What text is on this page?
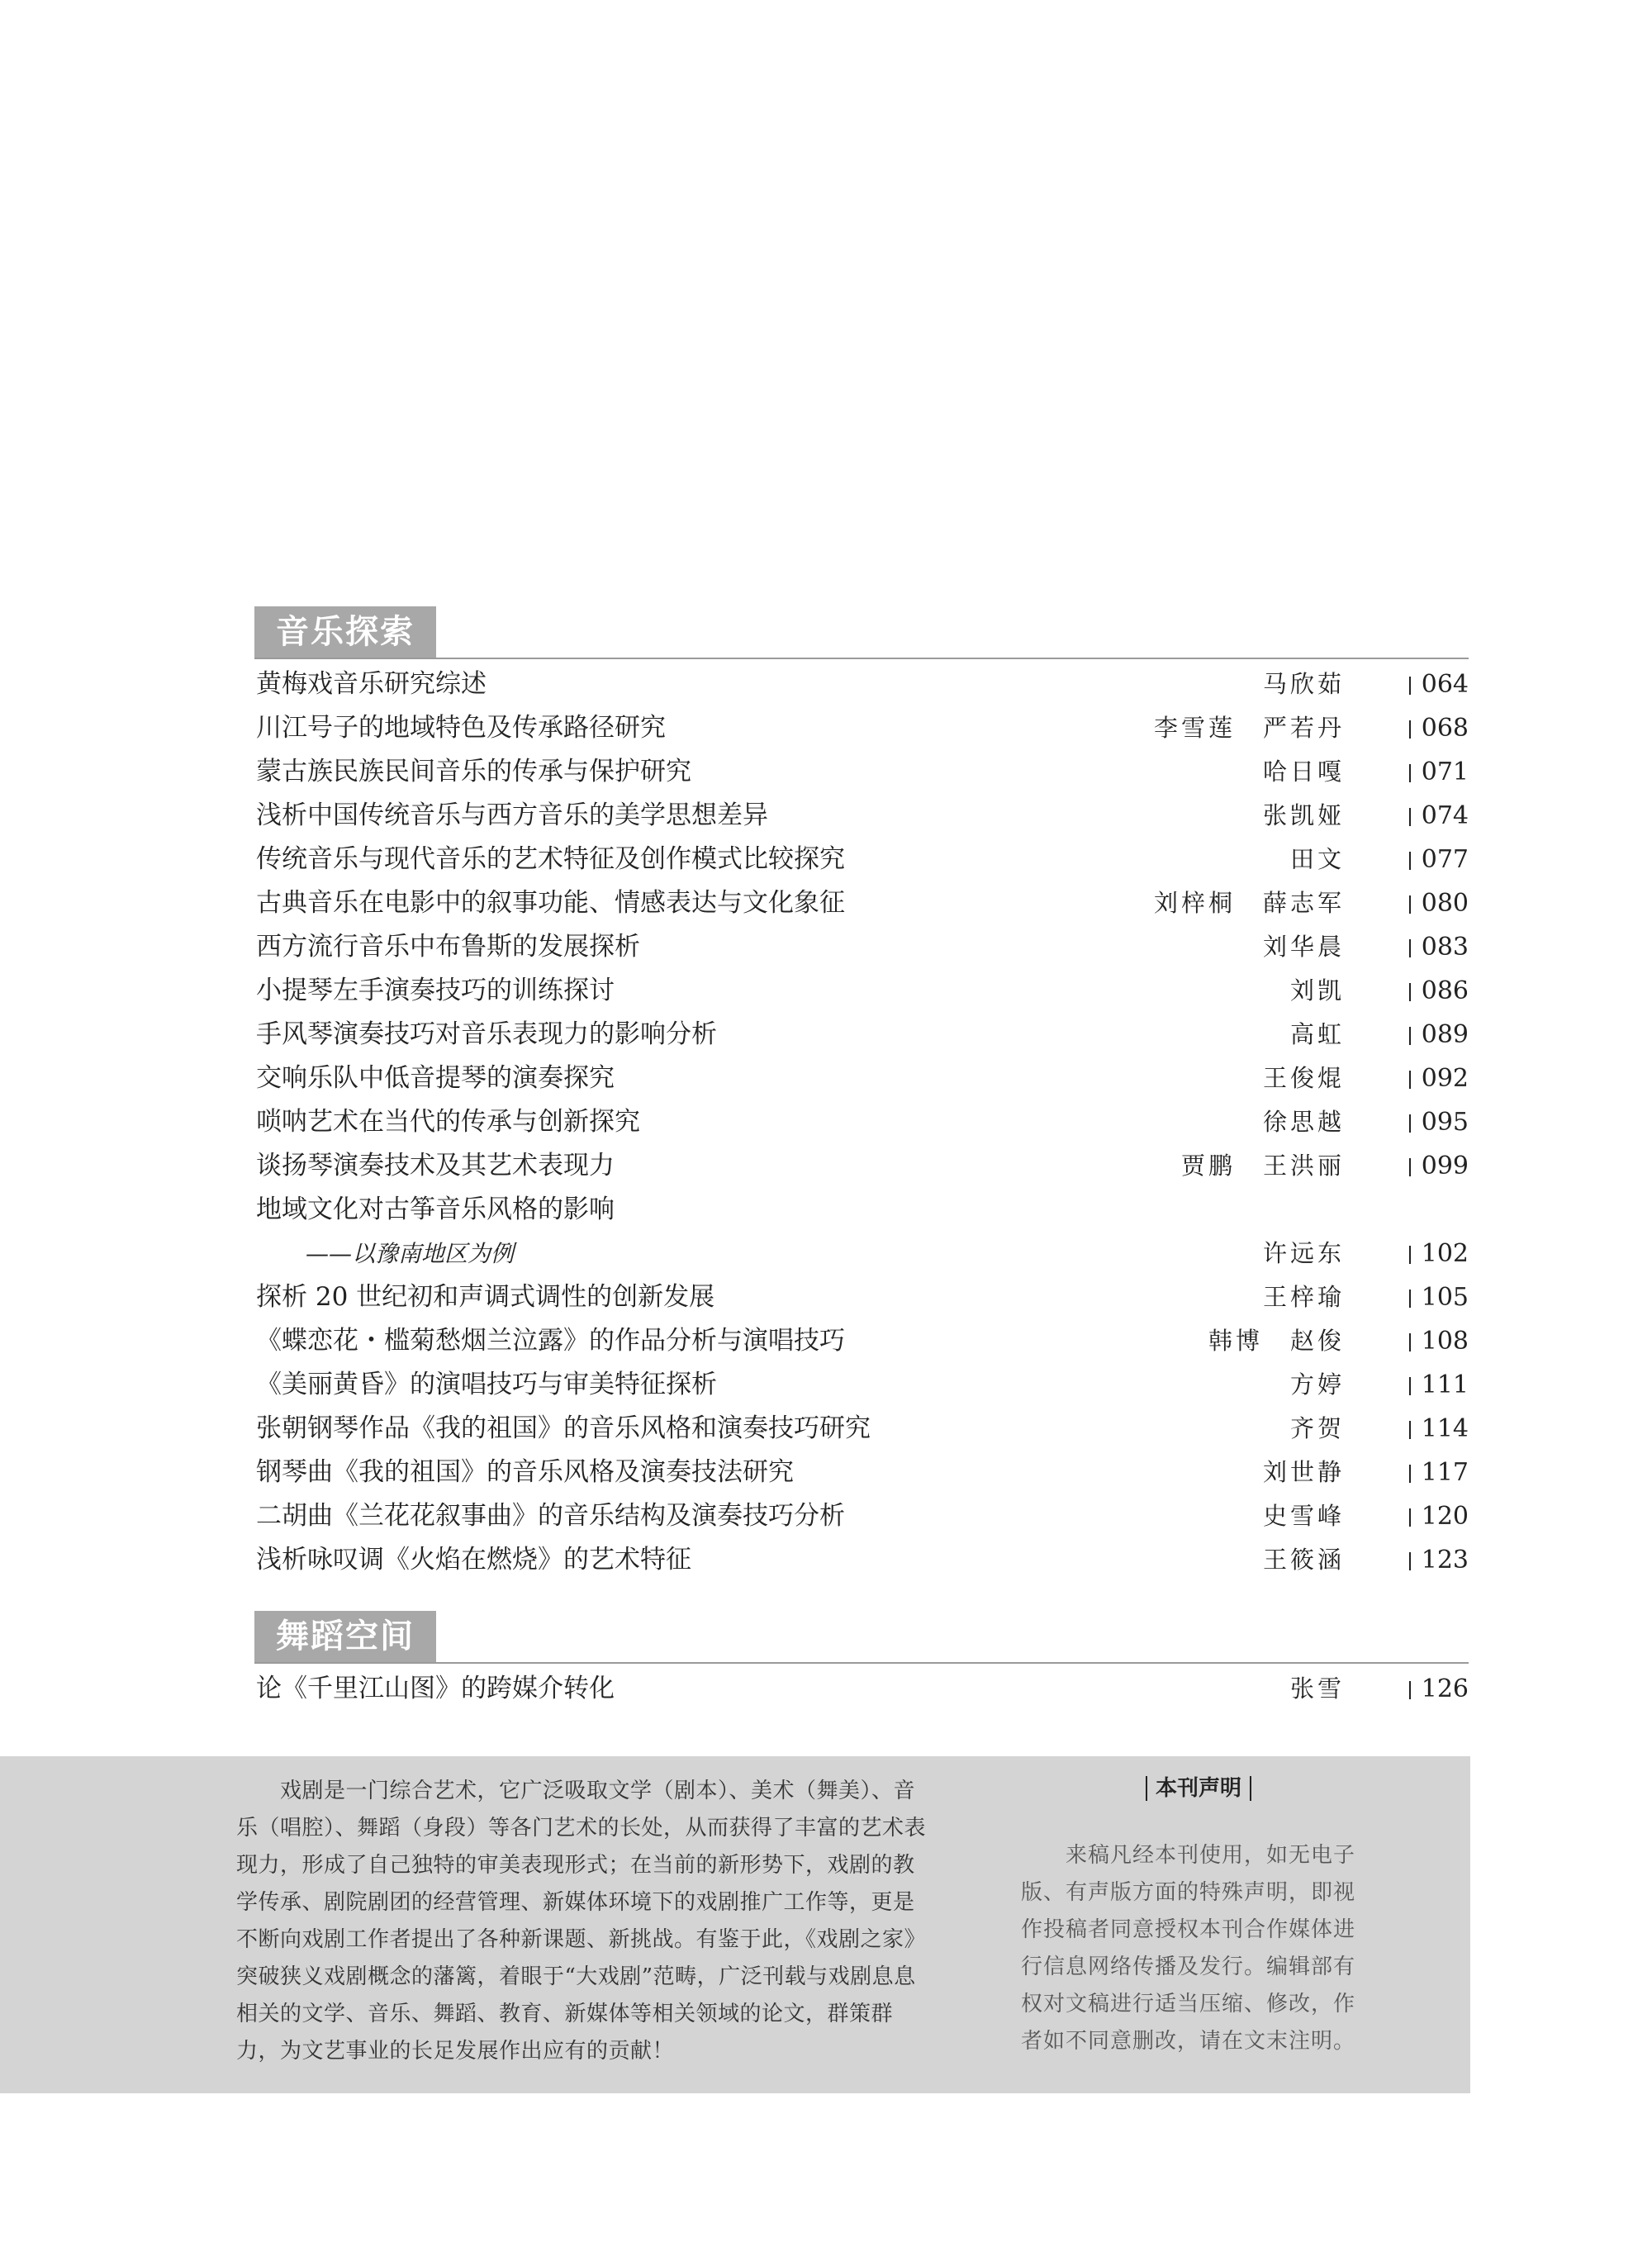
音乐探索
黄梅戏音乐研究综述	马欣茹	064
川江号子的地域特色及传承路径研究	李雪莲　严若丹	068
蒙古族民族民间音乐的传承与保护研究	哈日嘎	071
浅析中国传统音乐与西方音乐的美学思想差异	张凯娅	074
传统音乐与现代音乐的艺术特征及创作模式比较探究	田文	077
古典音乐在电影中的叙事功能、情感表达与文化象征	刘梓桐　薛志军	080
西方流行音乐中布鲁斯的发展探析	刘华晨	083
小提琴左手演奏技巧的训练探讨	刘凯	086
手风琴演奏技巧对音乐表现力的影响分析	高虹	089
交响乐队中低音提琴的演奏探究	王俊焜	092
唢呐艺术在当代的传承与创新探究	徐思越	095
谈扬琴演奏技术及其艺术表现力	贾鹏　王洪丽	099
地域文化对古筝音乐风格的影响
——以豫南地区为例	许远东	102
探析 20 世纪初和声调式调性的创新发展	王梓瑜	105
《蝶恋花・槛菊愁烟兰泣露》的作品分析与演唱技巧	韩博　赵俊	108
《美丽黄昏》的演唱技巧与审美特征探析	方婷	111
张朝钢琴作品《我的祖国》的音乐风格和演奏技巧研究	齐贺	114
钢琴曲《我的祖国》的音乐风格及演奏技法研究	刘世静	117
二胡曲《兰花花叙事曲》的音乐结构及演奏技巧分析	史雪峰	120
浅析咏叹调《火焰在燃烧》的艺术特征	王筱涵	123
舞蹈空间
论《千里江山图》的跨媒介转化	张雪	126
　　戏剧是一门综合艺术，它广泛吸取文学（剧本）、美术（舞美）、音乐（唱腔）、舞蹈（身段）等各门艺术的长处，从而获得了丰富的艺术表现力，形成了自己独特的审美表现形式；在当前的新形势下，戏剧的教学传承、剧院剧团的经营管理、新媒体环境下的戏剧推广工作等，更是不断向戏剧工作者提出了各种新课题、新挑战。有鉴于此，《戏剧之家》突破狭义戏剧概念的藩篱，着眼于“大戏剧”范畴，广泛刊载与戏剧息息相关的文学、音乐、舞蹈、教育、新媒体等相关领域的论文，群策群力，为文艺事业的长足发展作出应有的贡献！
本刊声明
　　来稿凡经本刊使用，如无电子版、有声版方面的特殊声明，即视作投稿者同意授权本刊合作媒体进行信息网络传播及发行。编辑部有权对文稿进行适当压缩、修改，作者如不同意删改，请在文末注明。
